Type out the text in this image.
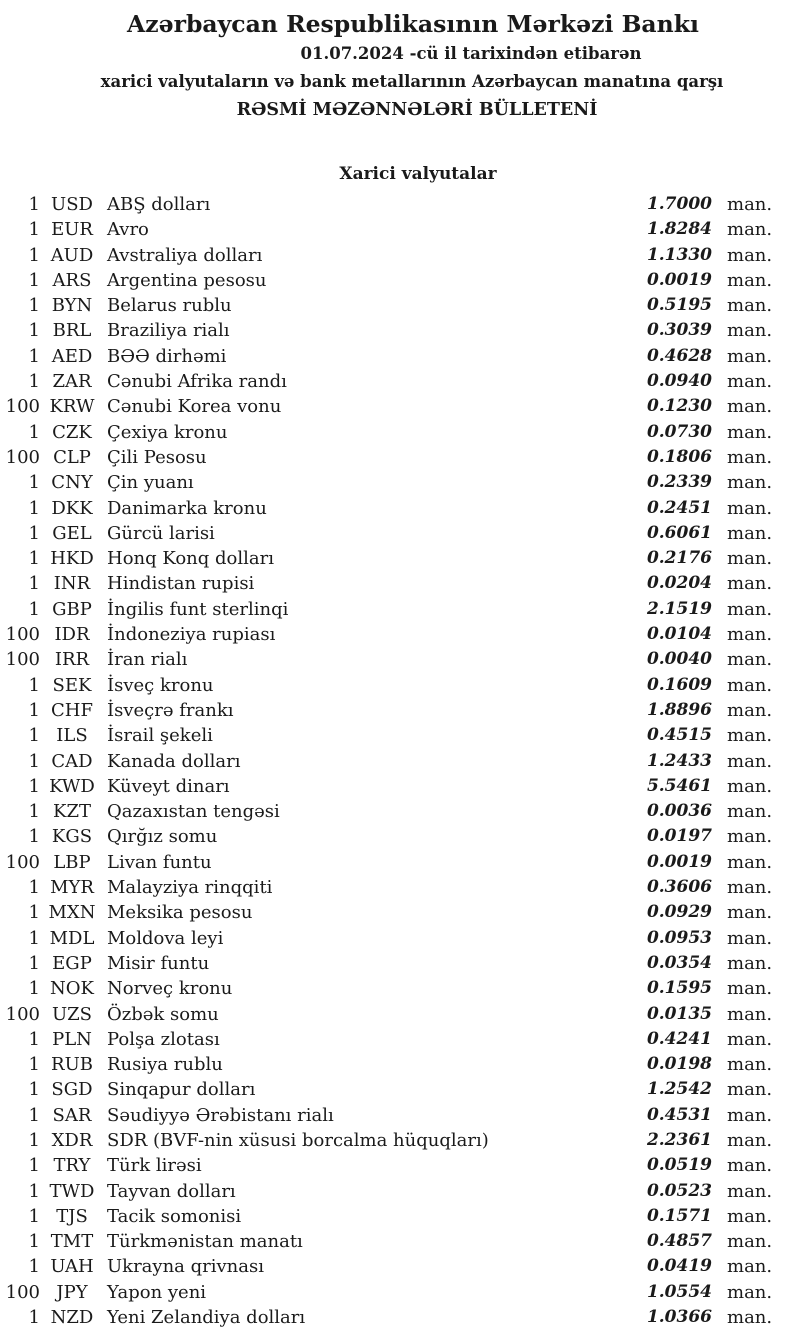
Azərbaycan Respublikasının Mərkəzi Bankı
01.07.2024 -cü il tarixindən etibarən
xarici valyutaların və bank metallarının Azərbaycan manatına qarşı
RƏSMİ MƏZƏNNƏLƏRİ BÜLLETENİ
Xarici valyutalar
1 USD ABŞ dolları	1.7000 man.
1 EUR Avro	1.8284 man.
1 AUD Avstraliya dolları	1.1330 man.
1 ARS Argentina pesosu	0.0019 man.
1 BYN Belarus rublu	0.5195 man.
1 BRL Braziliya rialı	0.3039 man.
1 AED BƏƏ dirhəmi	0.4628 man.
1 ZAR Cənubi Afrika randı	0.0940 man.
100 KRW Cənubi Korea vonu	0.1230 man.
1 CZK Çexiya kronu	0.0730 man.
100 CLP Çili Pesosu	0.1806 man.
1 CNY Çin yuanı	0.2339 man.
1 DKK Danimarka kronu	0.2451 man.
1 GEL Gürcü larisi	0.6061 man.
1 HKD Honq Konq dolları	0.2176 man.
1 INR Hindistan rupisi	0.0204 man.
1 GBP İngilis funt sterlinqi	2.1519 man.
100 IDR İndoneziya rupiası	0.0104 man.
100 IRR İran rialı	0.0040 man.
1 SEK İsveç kronu	0.1609 man.
1 CHF İsveçrə frankı	1.8896 man.
1 ILS	İsrail şekeli	0.4515 man.
1 CAD Kanada dolları	1.2433 man.
1 KWD Küveyt dinarı	5.5461 man.
1 KZT Qazaxıstan tengəsi	0.0036 man.
1 KGS Qırğız somu	0.0197 man.
100 LBP Livan funtu	0.0019 man.
1 MYR Malayziya rinqqiti	0.3606 man.
1 MXN Meksika pesosu	0.0929 man.
1 MDL Moldova leyi	0.0953 man.
1 EGP Misir funtu	0.0354 man.
1 NOK Norveç kronu	0.1595 man.
100 UZS Özbək somu	0.0135 man.
1 PLN Polşa zlotası	0.4241 man.
1 RUB Rusiya rublu	0.0198 man.
1 SGD Sinqapur dolları	1.2542 man.
1 SAR Səudiyyə Ərəbistanı rialı	0.4531 man.
1 XDR SDR (BVF-nin xüsusi borcalma hüquqları)	2.2361 man.
1 TRY Türk lirəsi	0.0519 man.
1 TWD Tayvan dolları	0.0523 man.
1 TJS	Tacik somonisi	0.1571 man.
1 TMT Türkmənistan manatı	0.4857 man.
1 UAH Ukrayna qrivnası	0.0419 man.
100 JPY	Yapon yeni	1.0554 man.
1 NZD Yeni Zelandiya dolları	1.0366 man.
